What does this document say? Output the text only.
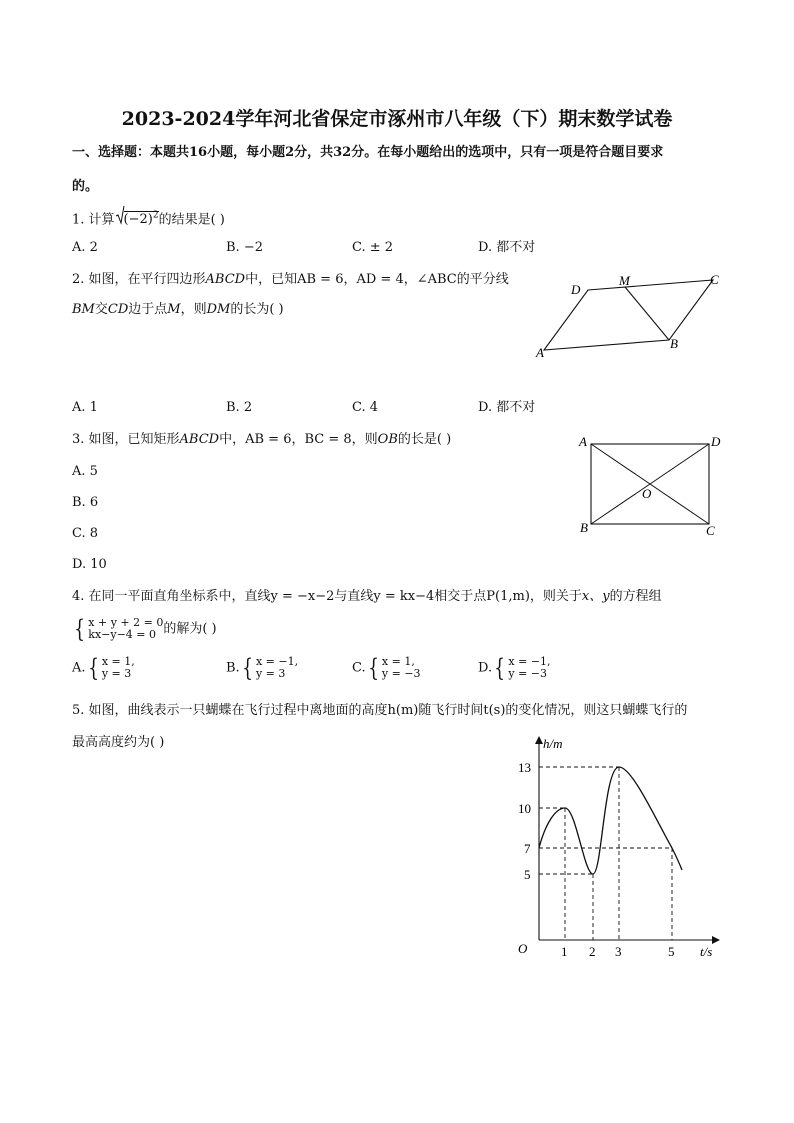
2023-2024学年河北省保定市涿州市八年级（下）期末数学试卷
一、选择题：本题共16小题，每小题2分，共32分。在每小题给出的选项中，只有一项是符合题目要求
的。
1. 计算 $(-2)^2$的结果是( )
A. 2	B. −2	C. ± 2	D. 都不对
2. 如图，在平行四边形ABCD中，已知AB = 6，AD = 4，∠ABC的平分线
BM交CD边于点M，则DM的长为( )
D
M	C
A
B
A. 1	B. 2	C. 4	D. 都不对
3. 如图，已知矩形ABCD中，AB = 6，BC = 8，则OB的长是( )
A. 5
B. 6
C. 8
D. 10
A	D
B	C
O
4. 在同一平面直角坐标系中，直线y = −x−2与直线y = kx−4相交于点P(1,m)，则关于x、y的方程组
{ x + y + 2 = 0
kx−y−4 = 0 的解为( )
A. { x = 1,
y = 3	B. { x = −1,
y = 3	C. { x = 1,
y = −3	D. { x = −1,
y = −3
5. 如图，曲线表示一只蝴蝶在飞行过程中离地面的高度h(m)随飞行时间t(s)的变化情况，则这只蝴蝶飞行的
最高高度约为( )	h/m
t/s
O
13
10
7
5
1 2 3	5
